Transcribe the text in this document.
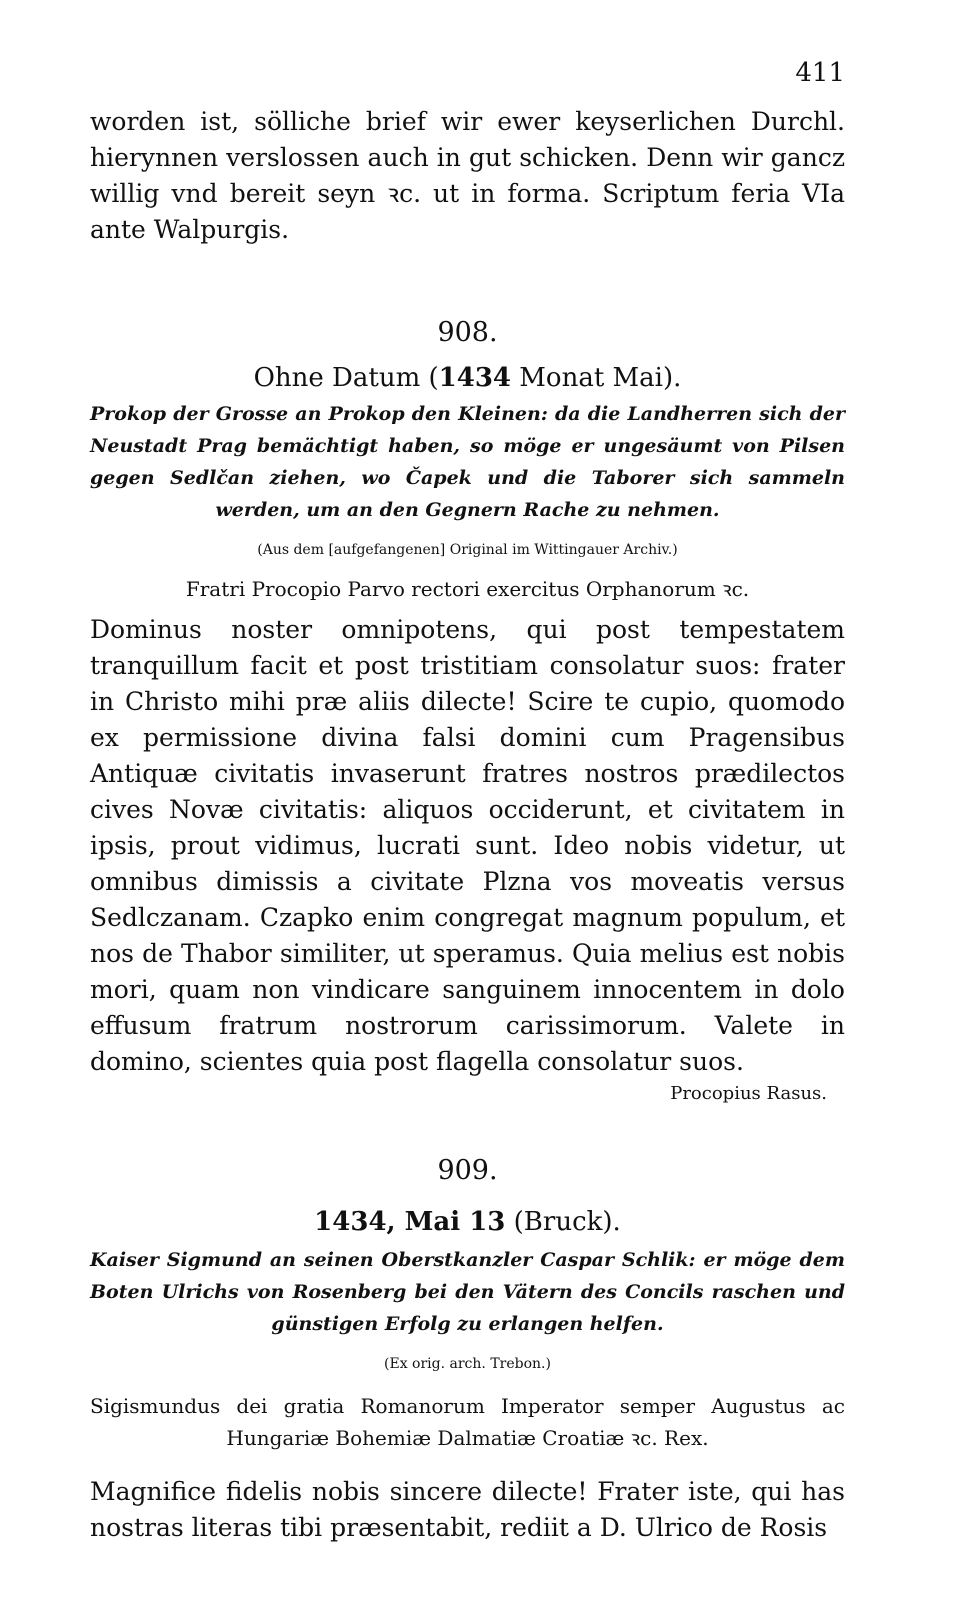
411

worden ist, sölliche brief wir ewer keyserlichen Durchl. hierynnen verslossen auch in gut schicken. Denn wir gancz willig vnd bereit seyn ꝛc. ut in forma. Scriptum feria VIa ante Walpurgis.

908.

Ohne Datum (1434 Monat Mai).

Prokop der Grosse an Prokop den Kleinen: da die Landherren sich der Neustadt Prag bemächtigt haben, so möge er ungesäumt von Pilsen gegen Sedlčan ziehen, wo Čapek und die Taborer sich sammeln werden, um an den Gegnern Rache zu nehmen.

(Aus dem [aufgefangenen] Original im Wittingauer Archiv.)

Fratri Procopio Parvo rectori exercitus Orphanorum ꝛc.

Dominus noster omnipotens, qui post tempestatem tranquillum facit et post tristitiam consolatur suos: frater in Christo mihi præ aliis dilecte! Scire te cupio, quomodo ex permissione divina falsi domini cum Pragensibus Antiquæ civitatis invaserunt fratres nostros prædilectos cives Novæ civitatis: aliquos occiderunt, et civitatem in ipsis, prout vidimus, lucrati sunt. Ideo nobis videtur, ut omnibus dimissis a civitate Plzna vos moveatis versus Sedlczanam. Czapko enim congregat magnum populum, et nos de Thabor similiter, ut speramus. Quia melius est nobis mori, quam non vindicare sanguinem innocentem in dolo effusum fratrum nostrorum carissimorum. Valete in domino, scientes quia post flagella consolatur suos.

Procopius Rasus.

909.

1434, Mai 13 (Bruck).

Kaiser Sigmund an seinen Oberstkanzler Caspar Schlik: er möge dem Boten Ulrichs von Rosenberg bei den Vätern des Concils raschen und günstigen Erfolg zu erlangen helfen.

(Ex orig. arch. Trebon.)

Sigismundus dei gratia Romanorum Imperator semper Augustus ac Hungariæ Bohemiæ Dalmatiæ Croatiæ ꝛc. Rex.

Magnifice fidelis nobis sincere dilecte! Frater iste, qui has nostras literas tibi præsentabit, rediit a D. Ulrico de Rosis
